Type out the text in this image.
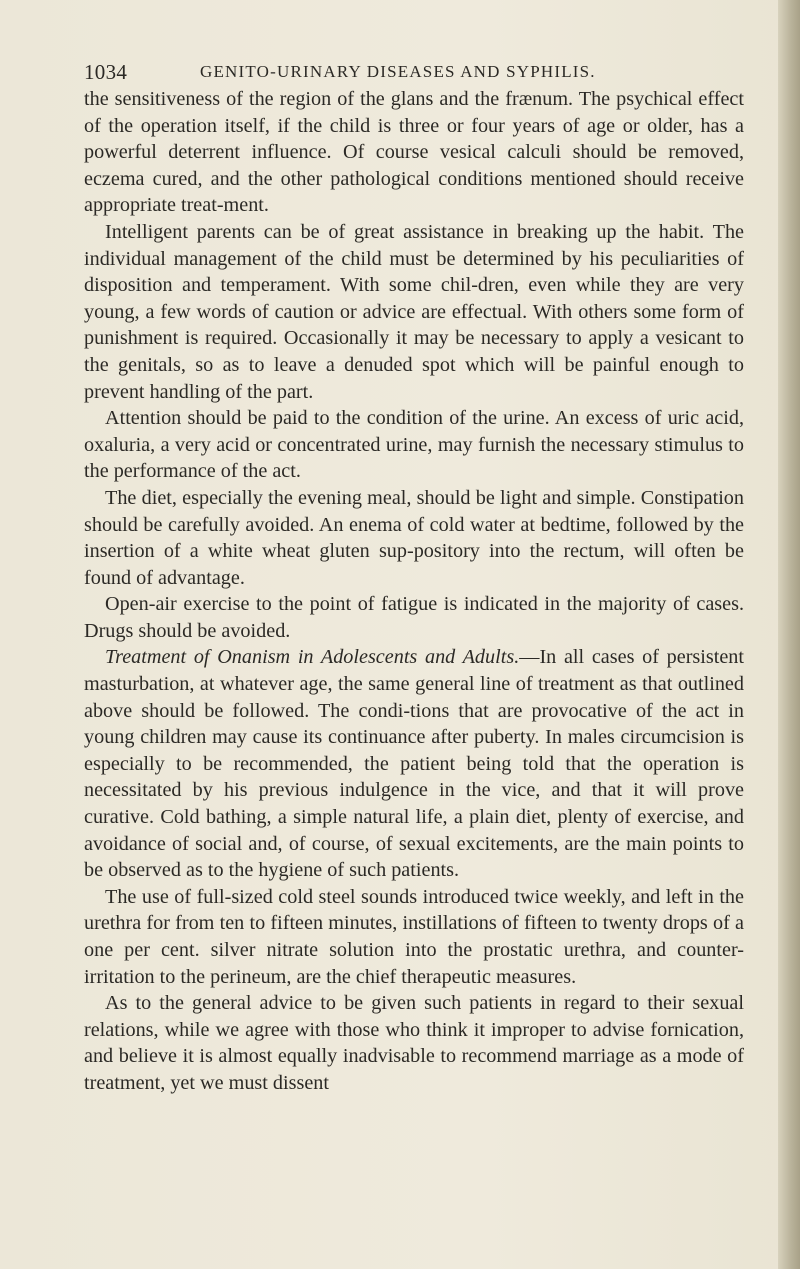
1034	GENITO-URINARY DISEASES AND SYPHILIS.

the sensitiveness of the region of the glans and the frænum. The psychical effect of the operation itself, if the child is three or four years of age or older, has a powerful deterrent influence. Of course vesical calculi should be removed, eczema cured, and the other pathological conditions mentioned should receive appropriate treat-ment.

Intelligent parents can be of great assistance in breaking up the habit. The individual management of the child must be determined by his peculiarities of disposition and temperament. With some chil-dren, even while they are very young, a few words of caution or advice are effectual. With others some form of punishment is required. Occasionally it may be necessary to apply a vesicant to the genitals, so as to leave a denuded spot which will be painful enough to prevent handling of the part.

Attention should be paid to the condition of the urine. An excess of uric acid, oxaluria, a very acid or concentrated urine, may furnish the necessary stimulus to the performance of the act.

The diet, especially the evening meal, should be light and simple. Constipation should be carefully avoided. An enema of cold water at bedtime, followed by the insertion of a white wheat gluten sup-pository into the rectum, will often be found of advantage.

Open-air exercise to the point of fatigue is indicated in the majority of cases. Drugs should be avoided.

Treatment of Onanism in Adolescents and Adults.—In all cases of persistent masturbation, at whatever age, the same general line of treatment as that outlined above should be followed. The condi-tions that are provocative of the act in young children may cause its continuance after puberty. In males circumcision is especially to be recommended, the patient being told that the operation is necessitated by his previous indulgence in the vice, and that it will prove curative. Cold bathing, a simple natural life, a plain diet, plenty of exercise, and avoidance of social and, of course, of sexual excitements, are the main points to be observed as to the hygiene of such patients.

The use of full-sized cold steel sounds introduced twice weekly, and left in the urethra for from ten to fifteen minutes, instillations of fifteen to twenty drops of a one per cent. silver nitrate solution into the prostatic urethra, and counter-irritation to the perineum, are the chief therapeutic measures.

As to the general advice to be given such patients in regard to their sexual relations, while we agree with those who think it improper to advise fornication, and believe it is almost equally inadvisable to recommend marriage as a mode of treatment, yet we must dissent
